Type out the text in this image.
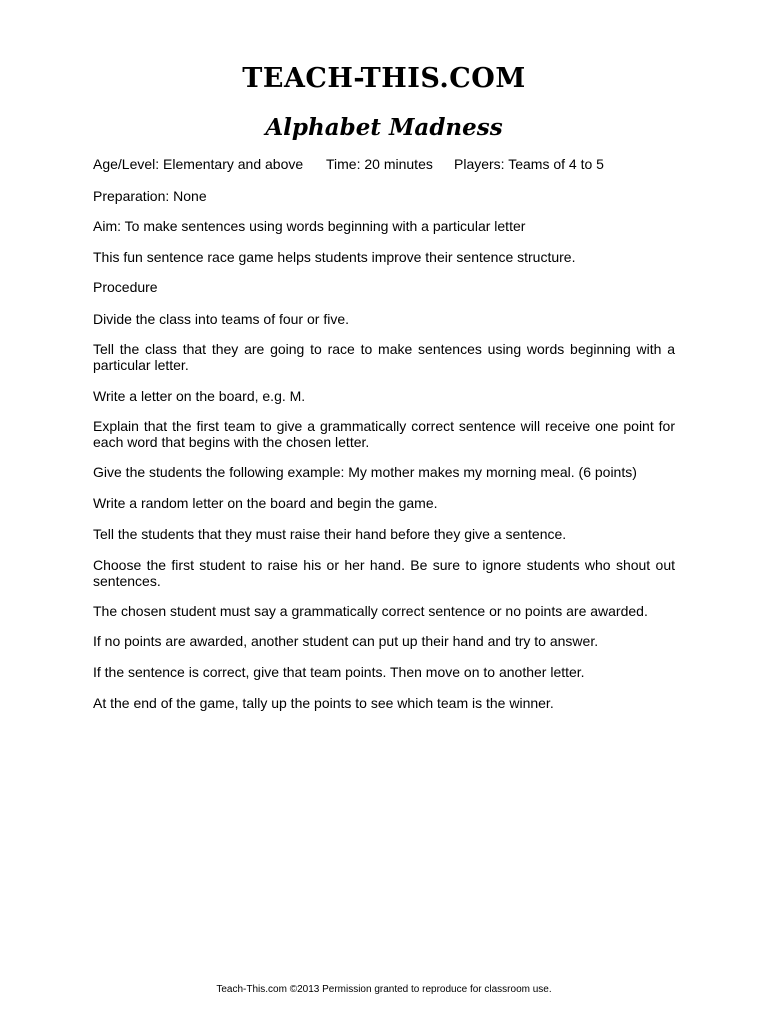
TEACH-THIS.COM
Alphabet Madness
Age/Level: Elementary and above Time: 20 minutes Players: Teams of 4 to 5
Preparation: None
Aim: To make sentences using words beginning with a particular letter
This fun sentence race game helps students improve their sentence structure.
Procedure
Divide the class into teams of four or five.
Tell the class that they are going to race to make sentences using words beginning with a particular letter.
Write a letter on the board, e.g. M.
Explain that the first team to give a grammatically correct sentence will receive one point for each word that begins with the chosen letter.
Give the students the following example: My mother makes my morning meal. (6 points)
Write a random letter on the board and begin the game.
Tell the students that they must raise their hand before they give a sentence.
Choose the first student to raise his or her hand. Be sure to ignore students who shout out sentences.
The chosen student must say a grammatically correct sentence or no points are awarded.
If no points are awarded, another student can put up their hand and try to answer.
If the sentence is correct, give that team points. Then move on to another letter.
At the end of the game, tally up the points to see which team is the winner.
Teach-This.com ©2013 Permission granted to reproduce for classroom use.
